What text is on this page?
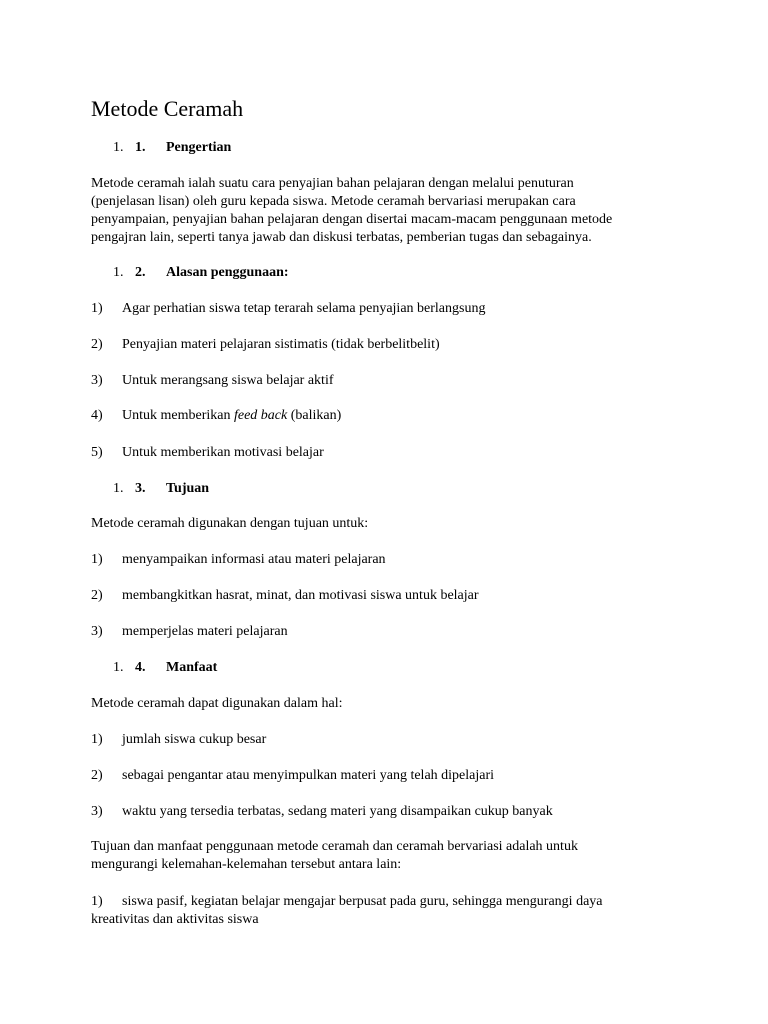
Metode Ceramah
1. 1. Pengertian
Metode ceramah ialah suatu cara penyajian bahan pelajaran dengan melalui penuturan
(penjelasan lisan) oleh guru kepada siswa. Metode ceramah bervariasi merupakan cara
penyampaian, penyajian bahan pelajaran dengan disertai macam-macam penggunaan metode
pengajran lain, seperti tanya jawab dan diskusi terbatas, pemberian tugas dan sebagainya.
1. 2. Alasan penggunaan:
1) Agar perhatian siswa tetap terarah selama penyajian berlangsung
2) Penyajian materi pelajaran sistimatis (tidak berbelitbelit)
3) Untuk merangsang siswa belajar aktif
4) Untuk memberikan feed back (balikan)
5) Untuk memberikan motivasi belajar
1. 3. Tujuan
Metode ceramah digunakan dengan tujuan untuk:
1) menyampaikan informasi atau materi pelajaran
2) membangkitkan hasrat, minat, dan motivasi siswa untuk belajar
3) memperjelas materi pelajaran
1. 4. Manfaat
Metode ceramah dapat digunakan dalam hal:
1) jumlah siswa cukup besar
2) sebagai pengantar atau menyimpulkan materi yang telah dipelajari
3) waktu yang tersedia terbatas, sedang materi yang disampaikan cukup banyak
Tujuan dan manfaat penggunaan metode ceramah dan ceramah bervariasi adalah untuk
mengurangi kelemahan-kelemahan tersebut antara lain:
1) siswa pasif, kegiatan belajar mengajar berpusat pada guru, sehingga mengurangi daya
kreativitas dan aktivitas siswa
